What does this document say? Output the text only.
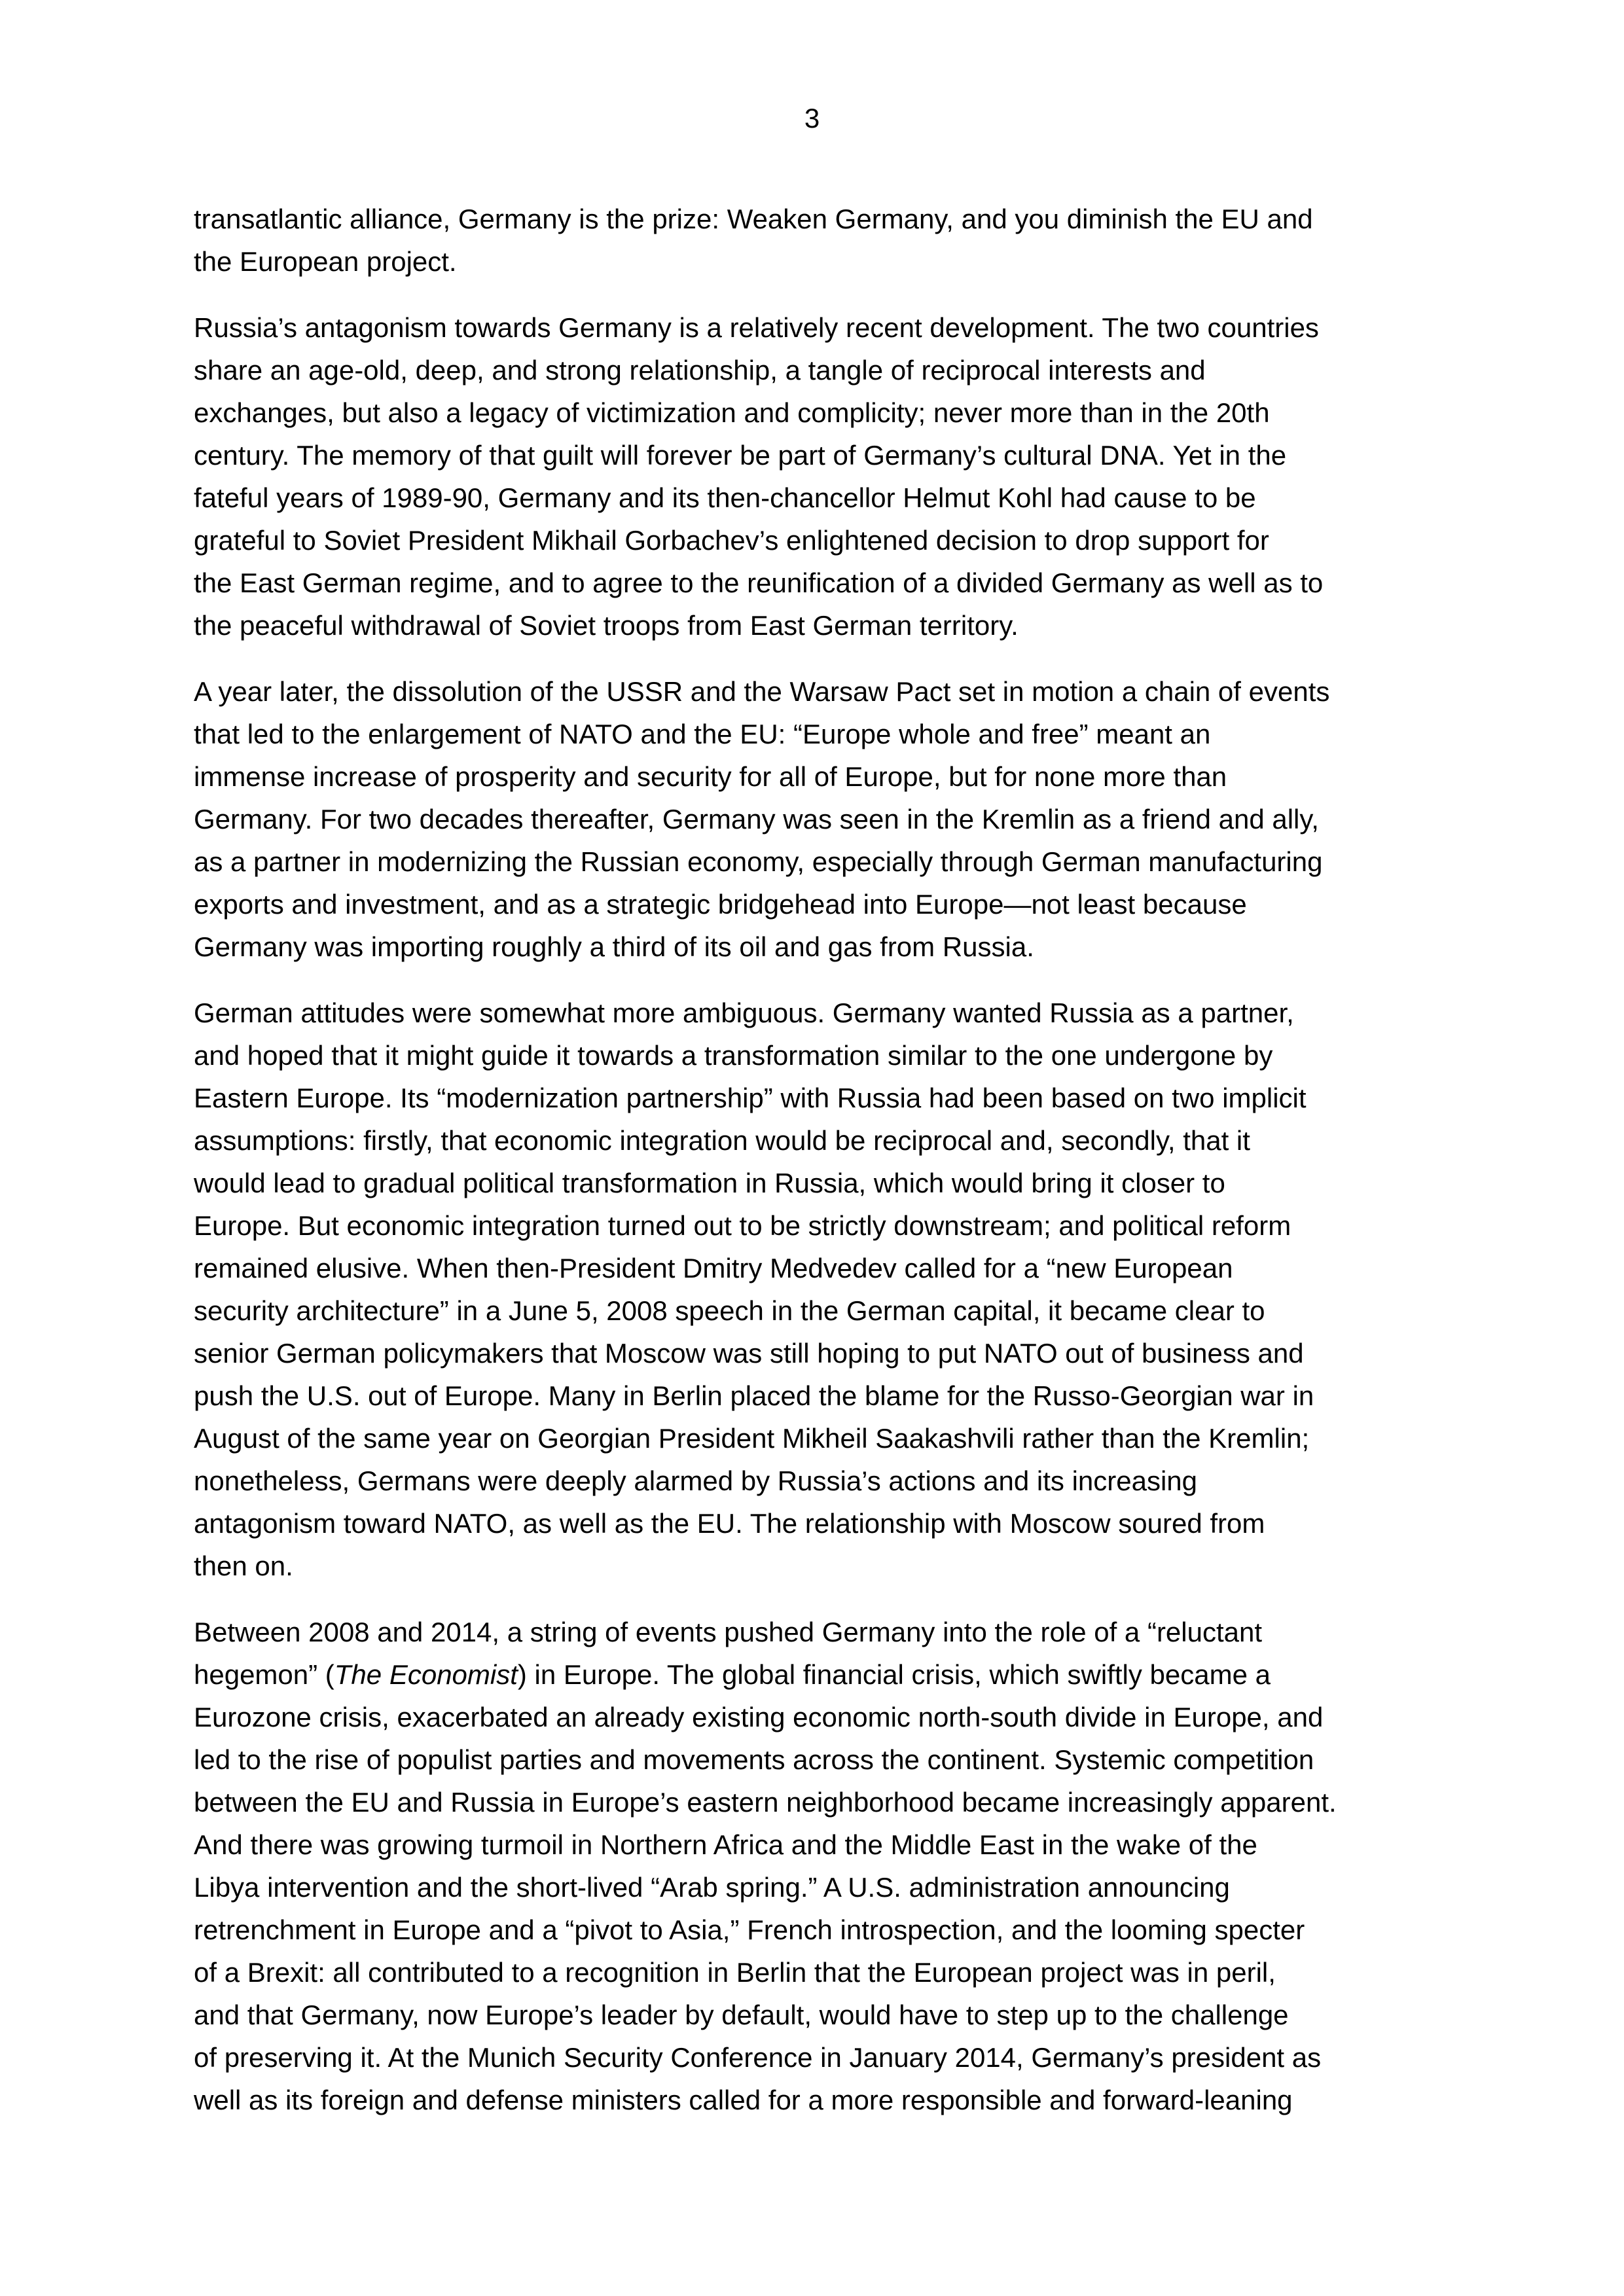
3

transatlantic alliance, Germany is the prize: Weaken Germany, and you diminish the EU and
the European project.

Russia’s antagonism towards Germany is a relatively recent development. The two countries
share an age-old, deep, and strong relationship, a tangle of reciprocal interests and
exchanges, but also a legacy of victimization and complicity; never more than in the 20th
century. The memory of that guilt will forever be part of Germany’s cultural DNA. Yet in the
fateful years of 1989-90, Germany and its then-chancellor Helmut Kohl had cause to be
grateful to Soviet President Mikhail Gorbachev’s enlightened decision to drop support for
the East German regime, and to agree to the reunification of a divided Germany as well as to
the peaceful withdrawal of Soviet troops from East German territory.

A year later, the dissolution of the USSR and the Warsaw Pact set in motion a chain of events
that led to the enlargement of NATO and the EU: “Europe whole and free” meant an
immense increase of prosperity and security for all of Europe, but for none more than
Germany. For two decades thereafter, Germany was seen in the Kremlin as a friend and ally,
as a partner in modernizing the Russian economy, especially through German manufacturing
exports and investment, and as a strategic bridgehead into Europe—not least because
Germany was importing roughly a third of its oil and gas from Russia.

German attitudes were somewhat more ambiguous. Germany wanted Russia as a partner,
and hoped that it might guide it towards a transformation similar to the one undergone by
Eastern Europe. Its “modernization partnership” with Russia had been based on two implicit
assumptions: firstly, that economic integration would be reciprocal and, secondly, that it
would lead to gradual political transformation in Russia, which would bring it closer to
Europe. But economic integration turned out to be strictly downstream; and political reform
remained elusive. When then-President Dmitry Medvedev called for a “new European
security architecture” in a June 5, 2008 speech in the German capital, it became clear to
senior German policymakers that Moscow was still hoping to put NATO out of business and
push the U.S. out of Europe. Many in Berlin placed the blame for the Russo-Georgian war in
August of the same year on Georgian President Mikheil Saakashvili rather than the Kremlin;
nonetheless, Germans were deeply alarmed by Russia’s actions and its increasing
antagonism toward NATO, as well as the EU. The relationship with Moscow soured from
then on.

Between 2008 and 2014, a string of events pushed Germany into the role of a “reluctant
hegemon” (The Economist) in Europe. The global financial crisis, which swiftly became a
Eurozone crisis, exacerbated an already existing economic north-south divide in Europe, and
led to the rise of populist parties and movements across the continent. Systemic competition
between the EU and Russia in Europe’s eastern neighborhood became increasingly apparent.
And there was growing turmoil in Northern Africa and the Middle East in the wake of the
Libya intervention and the short-lived “Arab spring.” A U.S. administration announcing
retrenchment in Europe and a “pivot to Asia,” French introspection, and the looming specter
of a Brexit: all contributed to a recognition in Berlin that the European project was in peril,
and that Germany, now Europe’s leader by default, would have to step up to the challenge
of preserving it. At the Munich Security Conference in January 2014, Germany’s president as
well as its foreign and defense ministers called for a more responsible and forward-leaning
